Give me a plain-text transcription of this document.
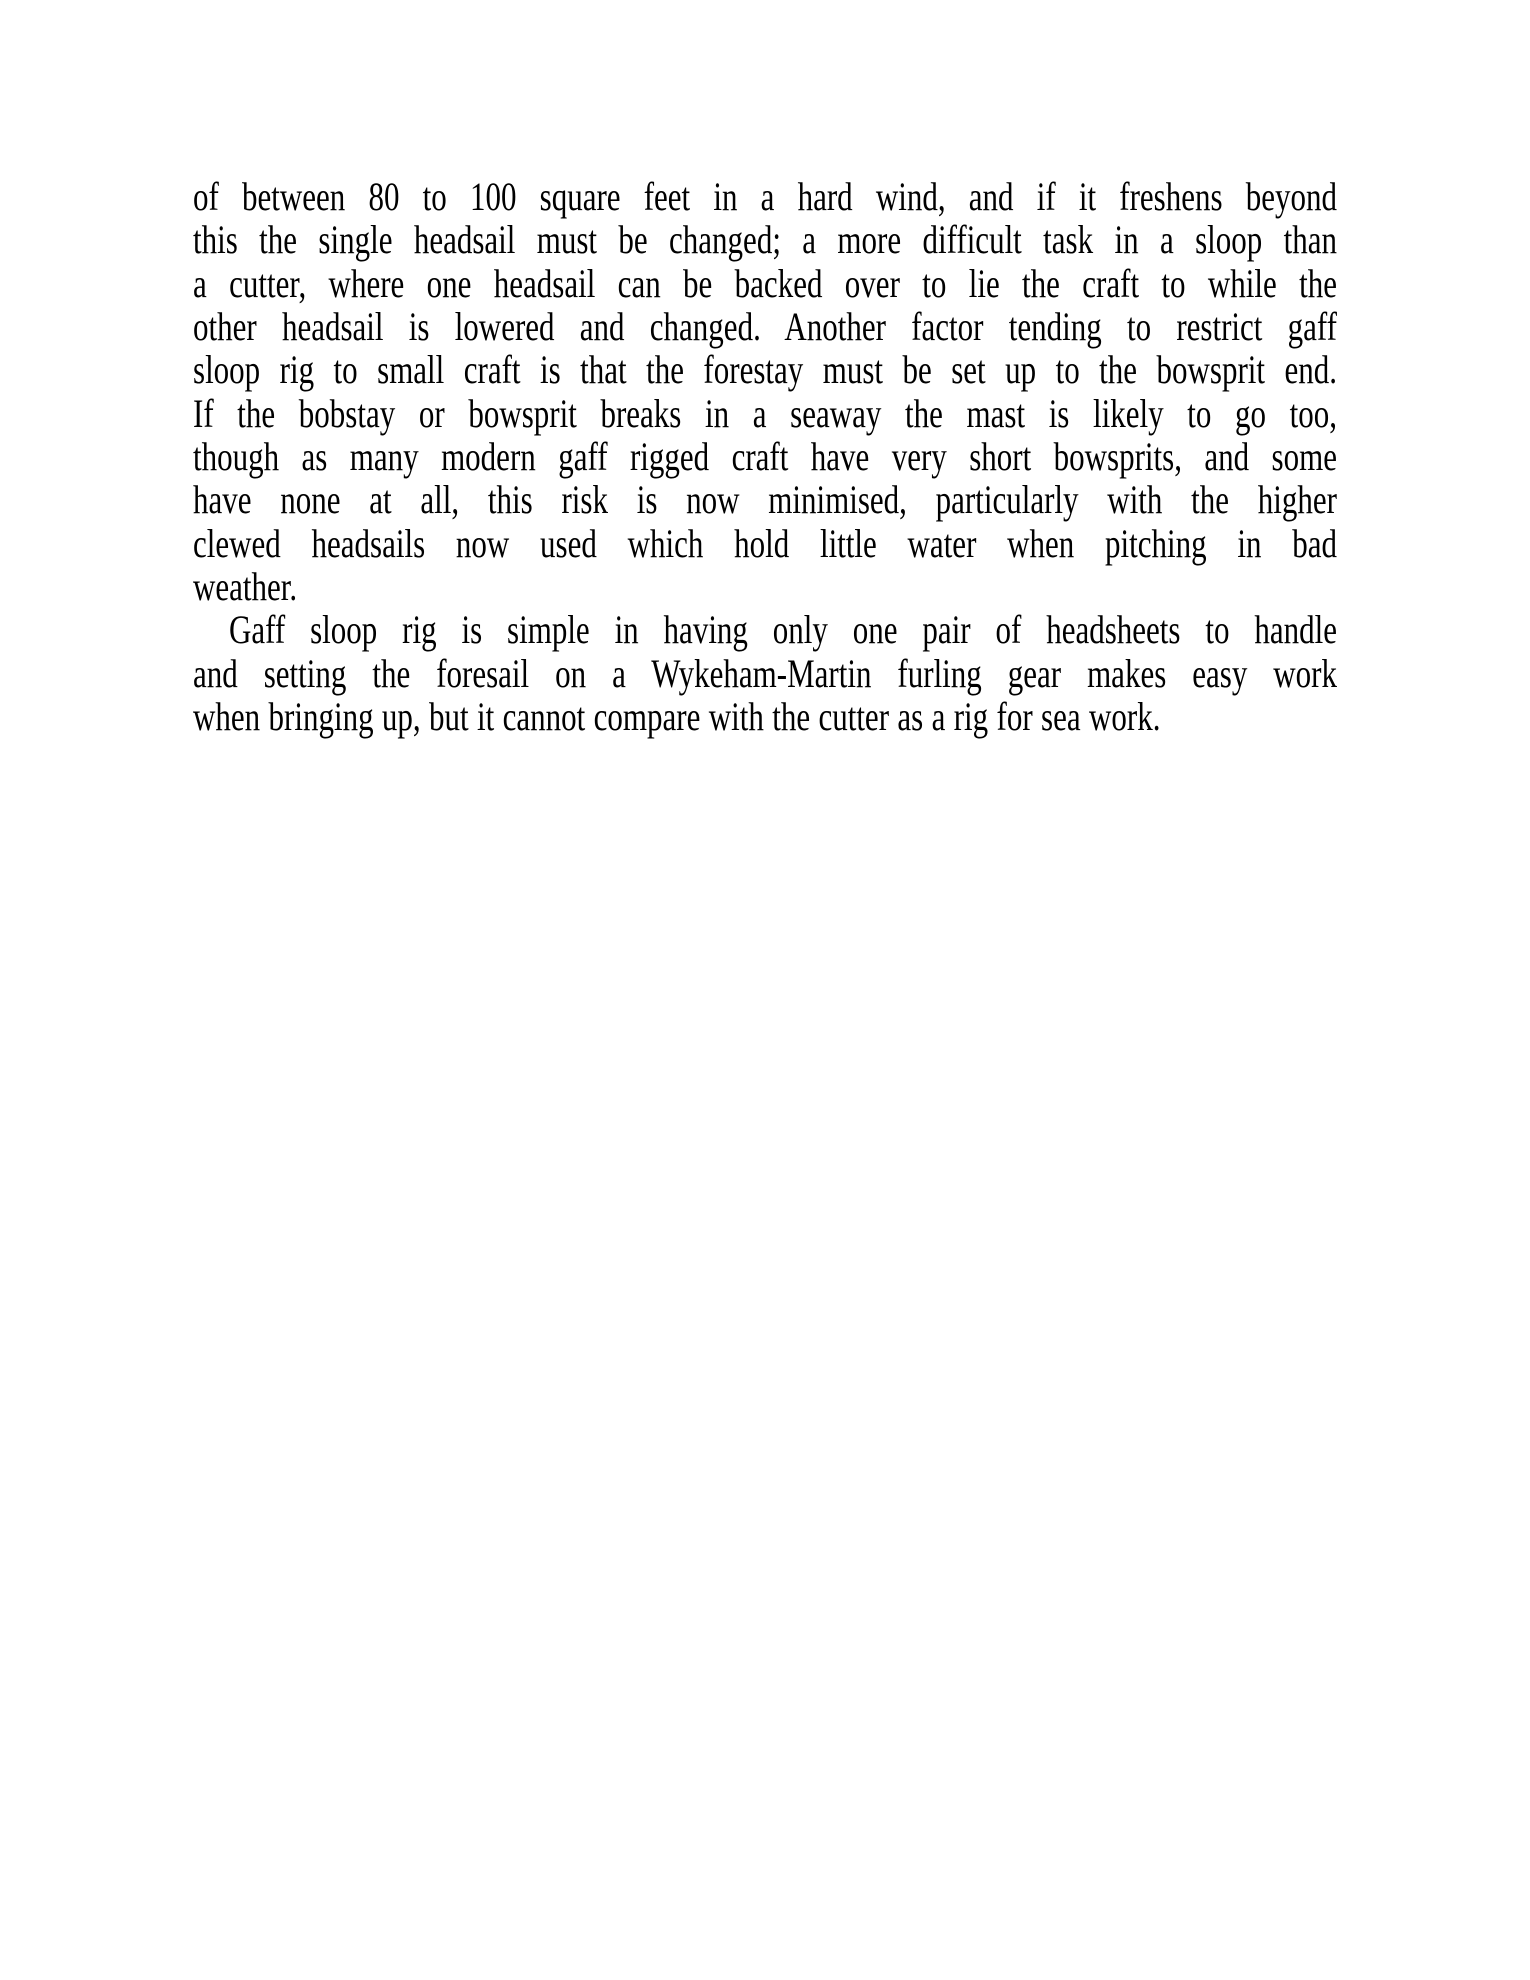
of between 80 to 100 square feet in a hard wind, and if it freshens beyond
this the single headsail must be changed; a more difficult task in a sloop than
a cutter, where one headsail can be backed over to lie the craft to while the
other headsail is lowered and changed. Another factor tending to restrict gaff
sloop rig to small craft is that the forestay must be set up to the bowsprit end.
If the bobstay or bowsprit breaks in a seaway the mast is likely to go too,
though as many modern gaff rigged craft have very short bowsprits, and some
have none at all, this risk is now minimised, particularly with the higher
clewed headsails now used which hold little water when pitching in bad
weather.
Gaff sloop rig is simple in having only one pair of headsheets to handle
and setting the foresail on a Wykeham-Martin furling gear makes easy work
when bringing up, but it cannot compare with the cutter as a rig for sea work.
